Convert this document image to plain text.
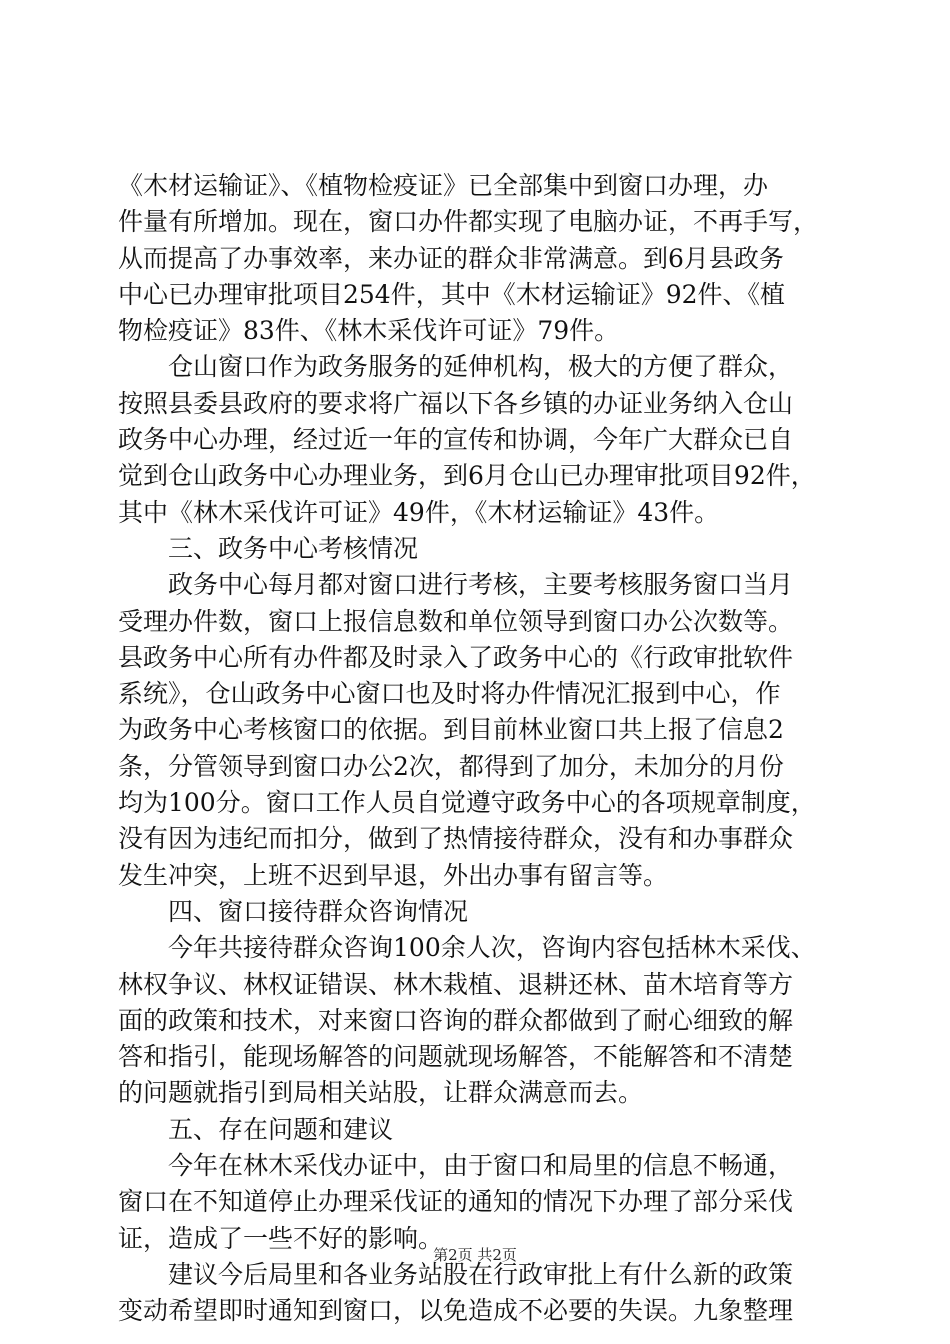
《木材运输证》、《植物检疫证》已全部集中到窗口办理，办
件量有所增加。现在，窗口办件都实现了电脑办证，不再手写，
从而提高了办事效率，来办证的群众非常满意。到6月县政务
中心已办理审批项目254件，其中《木材运输证》92件、《植
物检疫证》83件、《林木采伐许可证》79件。
　　仓山窗口作为政务服务的延伸机构，极大的方便了群众，
按照县委县政府的要求将广福以下各乡镇的办证业务纳入仓山
政务中心办理，经过近一年的宣传和协调，今年广大群众已自
觉到仓山政务中心办理业务，到6月仓山已办理审批项目92件，
其中《林木采伐许可证》49件，《木材运输证》43件。
　　三、政务中心考核情况
　　政务中心每月都对窗口进行考核，主要考核服务窗口当月
受理办件数，窗口上报信息数和单位领导到窗口办公次数等。
县政务中心所有办件都及时录入了政务中心的《行政审批软件
系统》，仓山政务中心窗口也及时将办件情况汇报到中心，作
为政务中心考核窗口的依据。到目前林业窗口共上报了信息2
条，分管领导到窗口办公2次，都得到了加分，未加分的月份
均为100分。窗口工作人员自觉遵守政务中心的各项规章制度，
没有因为违纪而扣分，做到了热情接待群众，没有和办事群众
发生冲突，上班不迟到早退，外出办事有留言等。
　　四、窗口接待群众咨询情况
　　今年共接待群众咨询100余人次，咨询内容包括林木采伐、
林权争议、林权证错误、林木栽植、退耕还林、苗木培育等方
面的政策和技术，对来窗口咨询的群众都做到了耐心细致的解
答和指引，能现场解答的问题就现场解答，不能解答和不清楚
的问题就指引到局相关站股，让群众满意而去。
　　五、存在问题和建议
　　今年在林木采伐办证中，由于窗口和局里的信息不畅通，
窗口在不知道停止办理采伐证的通知的情况下办理了部分采伐
证，造成了一些不好的影响。
　　建议今后局里和各业务站股在行政审批上有什么新的政策
变动希望即时通知到窗口，以免造成不必要的失误。九象整理
第2页 共2页
